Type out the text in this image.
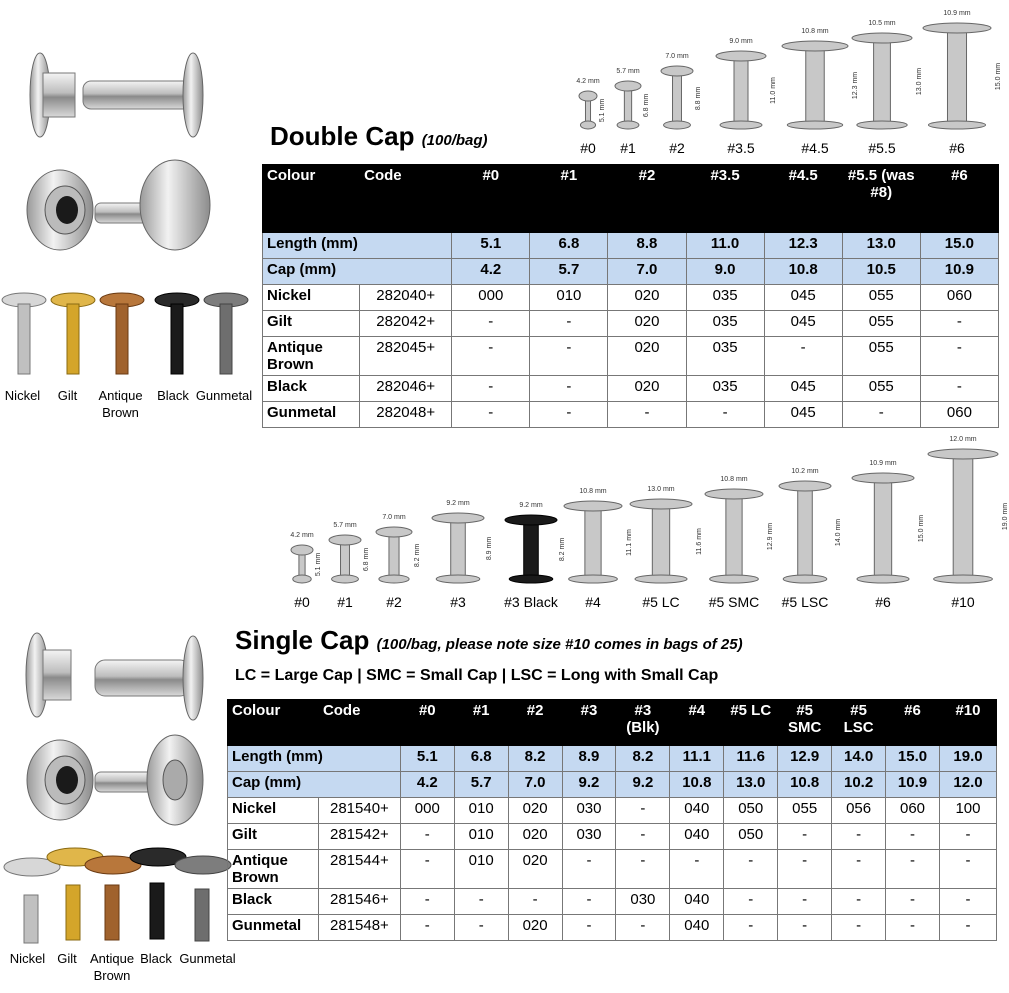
Nickel	Gilt	Antique Brown
Black Gunmetal
4.2 mm
5.1 mm
#0
5.7 mm
6.8 mm
#1
7.0 mm
8.8 mm
#2
9.0 mm
11.0 mm
#3.5
10.8 mm
12.3 mm
#4.5
10.5 mm
13.0 mm
#5.5
10.9 mm
15.0 mm
#6
Double Cap (100/bag)
Colour	Code	#0	#1	#2	#3.5	#4.5	#5.5 (was #8)	#6
Length (mm)		5.1	6.8	8.8	11.0	12.3	13.0	15.0
Cap (mm)		4.2	5.7	7.0	9.0	10.8	10.5	10.9
Nickel	282040+	000	010	020	035	045	055	060
Gilt	282042+	-	-	020	035	045	055	-
Antique Brown	282045+	-	-	020	035	-	055	-
Black	282046+	-	-	020	035	045	055	-
Gunmetal	282048+	-	-	-	-	045	-	060
4.2 mm
5.1 mm
#0
5.7 mm
6.8 mm
#1
7.0 mm
8.2 mm
#2
9.2 mm
8.9 mm
#3
9.2 mm
8.2 mm
#3 Black
10.8 mm
11.1 mm
#4
13.0 mm
11.6 mm
#5 LC
10.8 mm
12.9 mm
#5 SMC
10.2 mm
14.0 mm
#5 LSC
10.9 mm
15.0 mm
#6
12.0 mm
19.0 mm
#10
Nickel Gilt	Antique Brown
Black Gunmetal
Single Cap (100/bag, please note size #10 comes in bags of 25)
LC = Large Cap | SMC = Small Cap | LSC = Long with Small Cap
Colour	Code	#0	#1	#2	#3	#3 (Blk)	#4	#5 LC	#5 SMC	#5 LSC	#6	#10
Length (mm)		5.1	6.8	8.2	8.9	8.2	11.1	11.6	12.9	14.0	15.0	19.0
Cap (mm)		4.2	5.7	7.0	9.2	9.2	10.8	13.0	10.8	10.2	10.9	12.0
Nickel	281540+	000	010	020	030	-	040	050	055	056	060	100
Gilt	281542+	-	010	020	030	-	040	050	-	-	-	-
Antique Brown	281544+	-	010	020	-	-	-	-	-	-	-	-
Black	281546+	-	-	-	-	030	040	-	-	-	-	-
Gunmetal	281548+	-	-	020	-	-	040	-	-	-	-	-
